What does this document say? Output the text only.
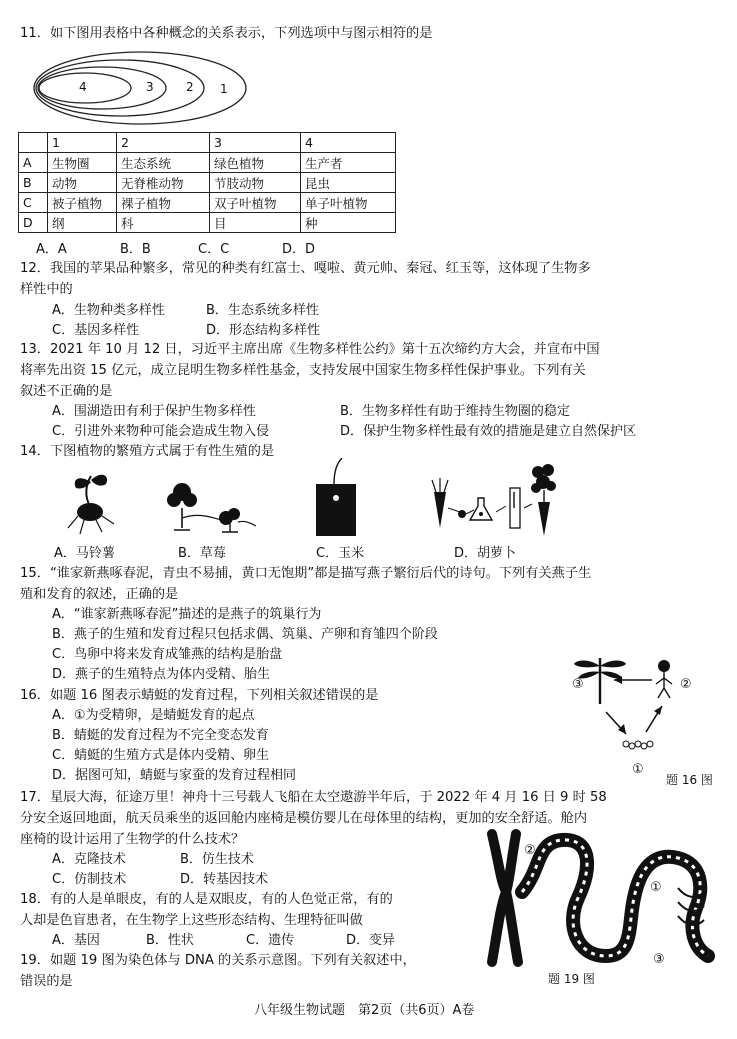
11．如下图用表格中各种概念的关系表示，下列选项中与图示相符的是
4	3	2 1
	1	2	3	4
A	生物圈	生态系统	绿色植物	生产者
B	动物	无脊椎动物	节肢动物	昆虫
C	被子植物	裸子植物	双子叶植物	单子叶植物
D	纲	科	目	种
A．A	B．B	C．C	D．D
12．我国的苹果品种繁多，常见的种类有红富士、嘎啦、黄元帅、秦冠、红玉等，这体现了生物多
样性中的
A．生物种类多样性	B．生态系统多样性
C．基因多样性	D．形态结构多样性
13．2021 年 10 月 12 日，习近平主席出席《生物多样性公约》第十五次缔约方大会，并宣布中国
将率先出资 15 亿元，成立昆明生物多样性基金，支持发展中国家生物多样性保护事业。下列有关
叙述不正确的是
A．围湖造田有利于保护生物多样性	B．生物多样性有助于维持生物圈的稳定
C．引进外来物种可能会造成生物入侵	D．保护生物多样性最有效的措施是建立自然保护区
14．下图植物的繁殖方式属于有性生殖的是
A．马铃薯	B．草莓	C．玉米	D．胡萝卜
15．“谁家新燕啄春泥，青虫不易捕，黄口无饱期”都是描写燕子繁衍后代的诗句。下列有关燕子生
殖和发育的叙述，正确的是
A．“谁家新燕啄春泥”描述的是燕子的筑巢行为
B．燕子的生殖和发育过程只包括求偶、筑巢、产卵和育雏四个阶段
C．鸟卵中将来发育成雏燕的结构是胎盘
D．燕子的生殖特点为体内受精、胎生
16．如题 16 图表示蜻蜓的发育过程，下列相关叙述错误的是
A．①为受精卵，是蜻蜓发育的起点
B．蜻蜓的发育过程为不完全变态发育
C．蜻蜓的生殖方式是体内受精、卵生
D．据图可知，蜻蜓与家蚕的发育过程相同
③	②
①
题 16 图
17．星辰大海，征途万里！神舟十三号载人飞船在太空遨游半年后，于 2022 年 4 月 16 日 9 时 58
分安全返回地面，航天员乘坐的返回舱内座椅是模仿婴儿在母体里的结构，更加的安全舒适。舱内
座椅的设计运用了生物学的什么技术？
A．克隆技术	B．仿生技术
C．仿制技术	D．转基因技术
18．有的人是单眼皮，有的人是双眼皮，有的人色觉正常，有的
人却是色盲患者，在生物学上这些形态结构、生理特征叫做
A．基因	B．性状	C．遗传	D．变异
19．如题 19 图为染色体与 DNA 的关系示意图。下列有关叙述中，
错误的是
②
①
③
题 19 图
八年级生物试题　第2页（共6页）A卷
